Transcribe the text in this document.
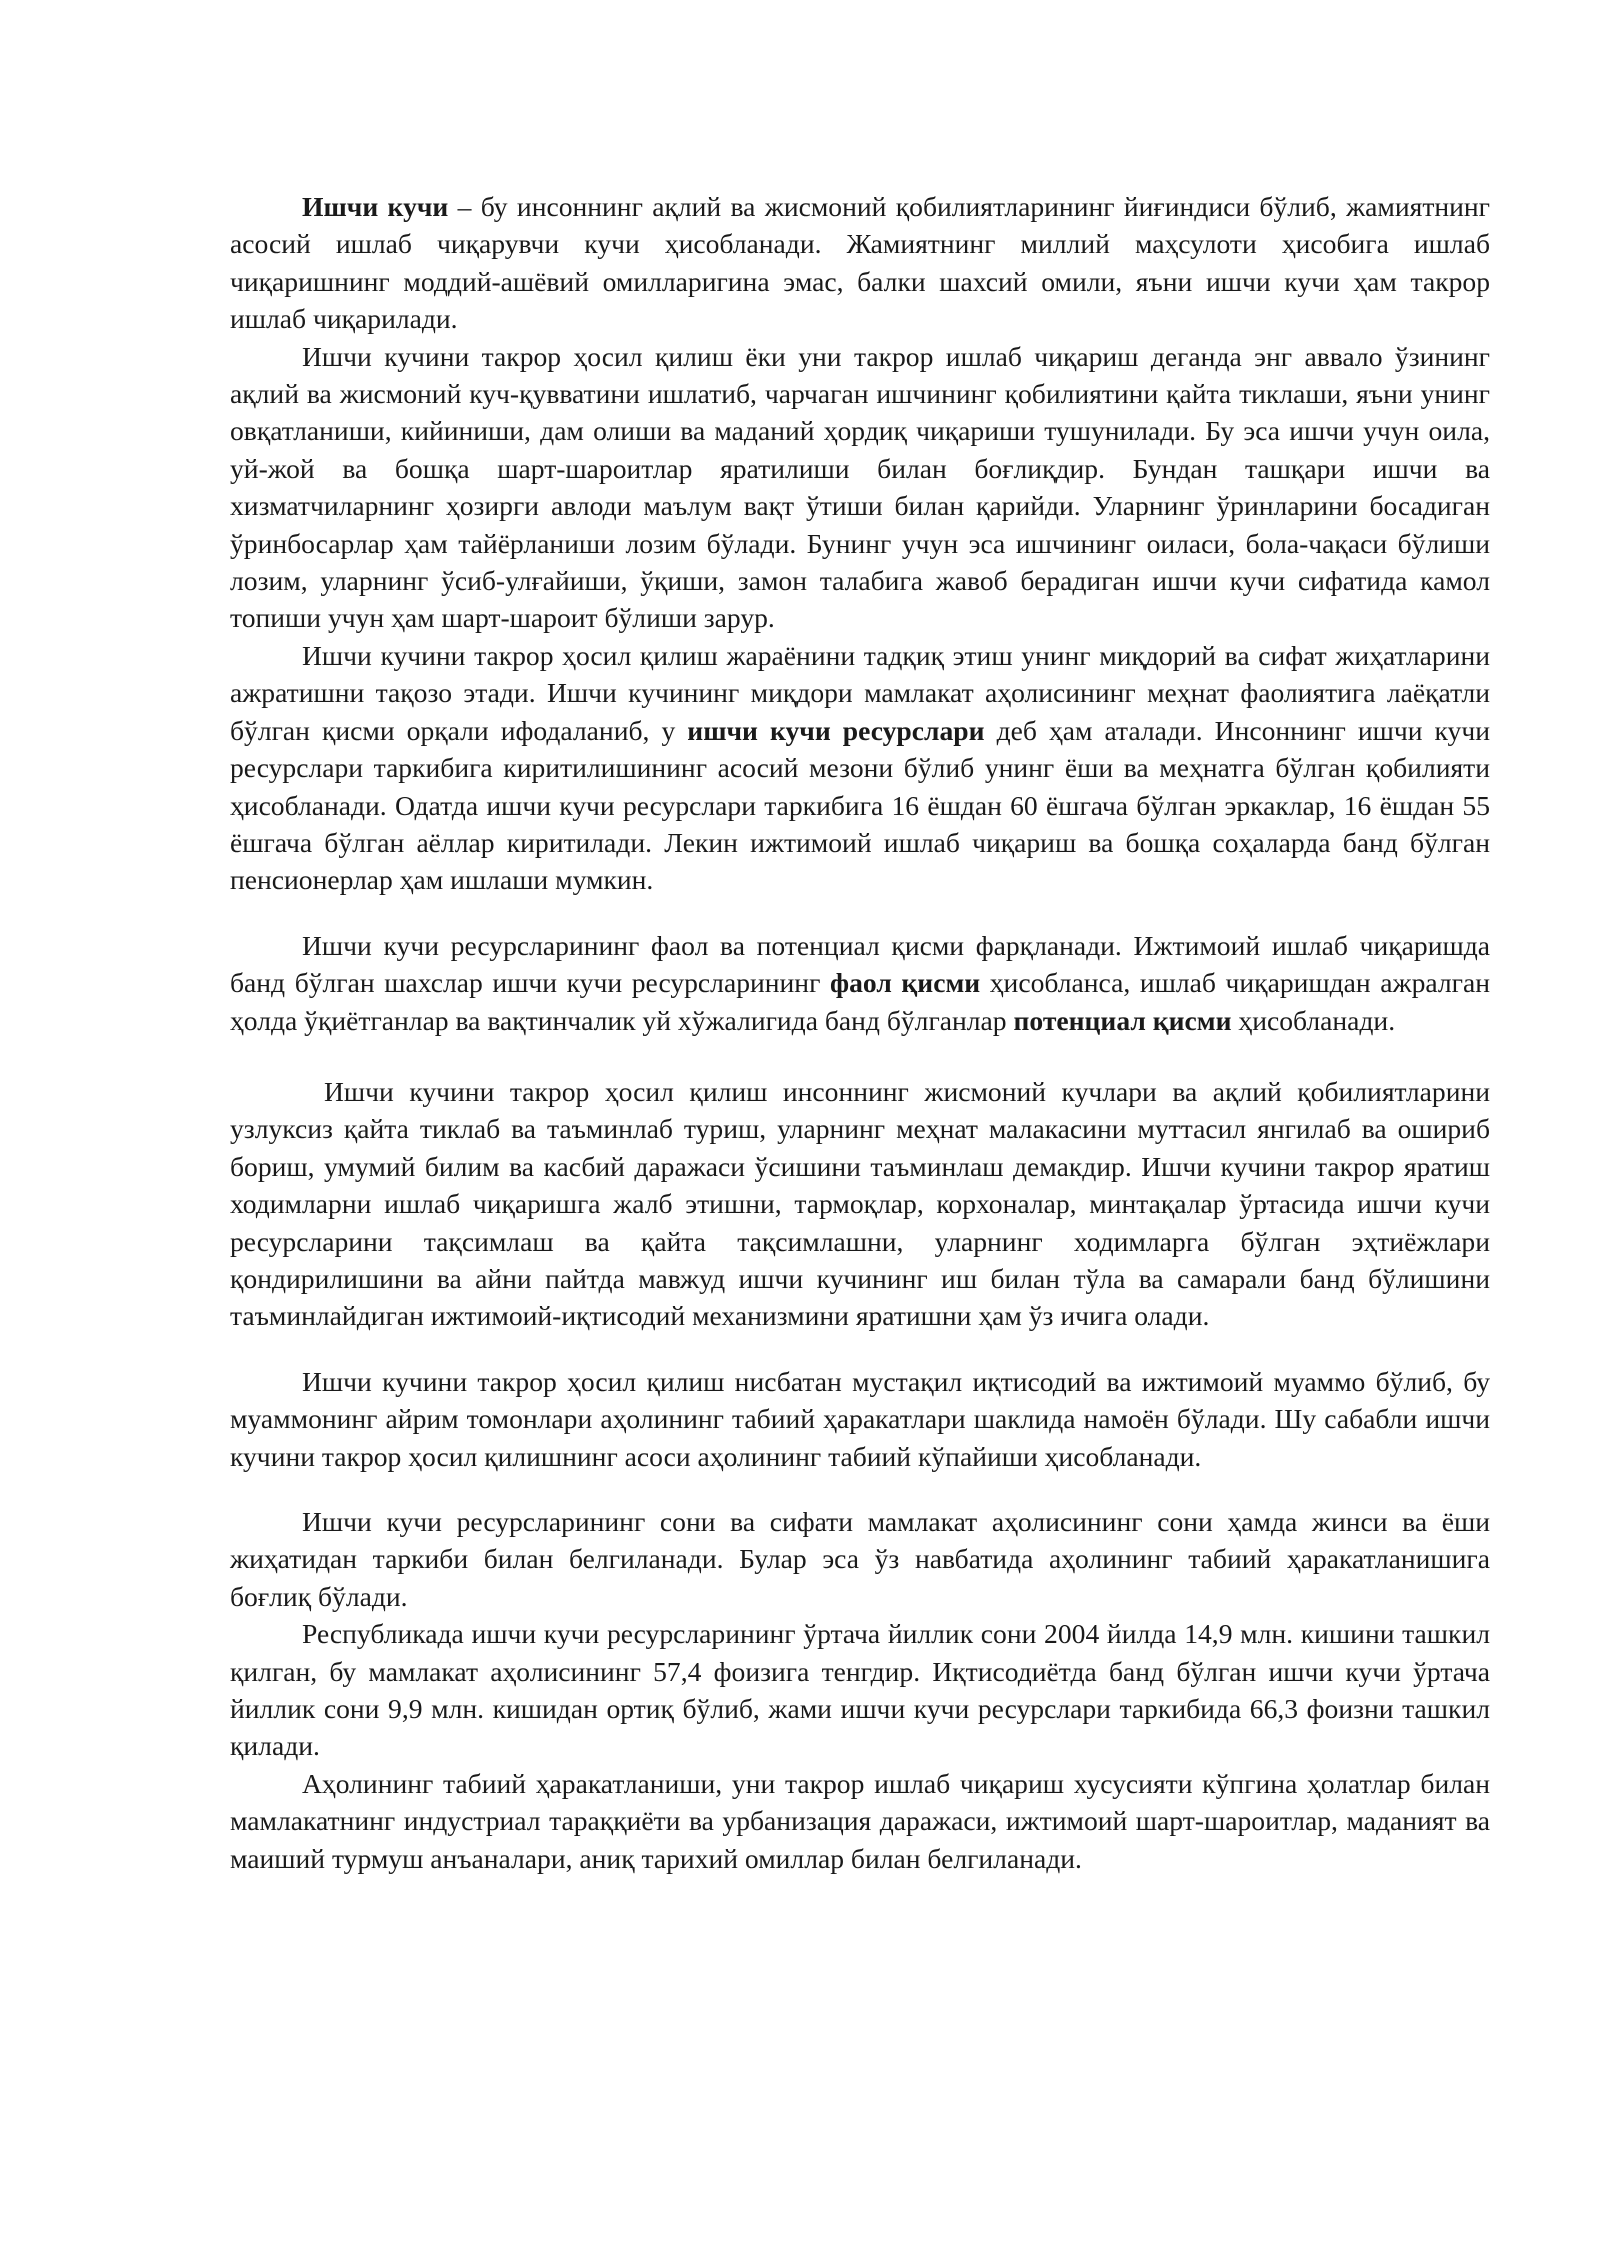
Ишчи кучи – бу инсоннинг ақлий ва жисмоний қобилиятларининг йиғиндиси бўлиб, жамиятнинг асосий ишлаб чиқарувчи кучи ҳисобланади. Жамиятнинг миллий маҳсулоти ҳисобига ишлаб чиқаришнинг моддий-ашёвий омилларигина эмас, балки шахсий омили, яъни ишчи кучи ҳам такрор ишлаб чиқарилади.

Ишчи кучини такрор ҳосил қилиш ёки уни такрор ишлаб чиқариш деганда энг аввало ўзининг ақлий ва жисмоний куч-қувватини ишлатиб, чарчаган ишчининг қобилиятини қайта тиклаши, яъни унинг овқатланиши, кийиниши, дам олиши ва маданий ҳордиқ чиқариши тушунилади. Бу эса ишчи учун оила, уй-жой ва бошқа шарт-шароитлар яратилиши билан боғлиқдир. Бундан ташқари ишчи ва хизматчиларнинг ҳозирги авлоди маълум вақт ўтиши билан қарийди. Уларнинг ўринларини босадиган ўринбосарлар ҳам тайёрланиши лозим бўлади. Бунинг учун эса ишчининг оиласи, бола-чақаси бўлиши лозим, уларнинг ўсиб-улғайиши, ўқиши, замон талабига жавоб берадиган ишчи кучи сифатида камол топиши учун ҳам шарт-шароит бўлиши зарур.

Ишчи кучини такрор ҳосил қилиш жараёнини тадқиқ этиш унинг миқдорий ва сифат жиҳатларини ажратишни тақозо этади. Ишчи кучининг миқдори мамлакат аҳолисининг меҳнат фаолиятига лаёқатли бўлган қисми орқали ифодаланиб, у ишчи кучи ресурслари деб ҳам аталади. Инсоннинг ишчи кучи ресурслари таркибига киритилишининг асосий мезони бўлиб унинг ёши ва меҳнатга бўлган қобилияти ҳисобланади. Одатда ишчи кучи ресурслари таркибига 16 ёшдан 60 ёшгача бўлган эркаклар, 16 ёшдан 55 ёшгача бўлган аёллар киритилади. Лекин ижтимоий ишлаб чиқариш ва бошқа соҳаларда банд бўлган пенсионерлар ҳам ишлаши мумкин.

Ишчи кучи ресурсларининг фаол ва потенциал қисми фарқланади. Ижтимоий ишлаб чиқаришда банд бўлган шахслар ишчи кучи ресурсларининг фаол қисми ҳисобланса, ишлаб чиқаришдан ажралган ҳолда ўқиётганлар ва вақтинчалик уй хўжалигида банд бўлганлар потенциал қисми ҳисобланади.

Ишчи кучини такрор ҳосил қилиш инсоннинг жисмоний кучлари ва ақлий қобилиятларини узлуксиз қайта тиклаб ва таъминлаб туриш, уларнинг меҳнат малакасини муттасил янгилаб ва ошириб бориш, умумий билим ва касбий даражаси ўсишини таъминлаш демакдир. Ишчи кучини такрор яратиш ходимларни ишлаб чиқаришга жалб этишни, тармоқлар, корхоналар, минтақалар ўртасида ишчи кучи ресурсларини тақсимлаш ва қайта тақсимлашни, уларнинг ходимларга бўлган эҳтиёжлари қондирилишини ва айни пайтда мавжуд ишчи кучининг иш билан тўла ва самарали банд бўлишини таъминлайдиган ижтимоий-иқтисодий механизмини яратишни ҳам ўз ичига олади.

Ишчи кучини такрор ҳосил қилиш нисбатан мустақил иқтисодий ва ижтимоий муаммо бўлиб, бу муаммонинг айрим томонлари аҳолининг табиий ҳаракатлари шаклида намоён бўлади. Шу сабабли ишчи кучини такрор ҳосил қилишнинг асоси аҳолининг табиий кўпайиши ҳисобланади.

Ишчи кучи ресурсларининг сони ва сифати мамлакат аҳолисининг сони ҳамда жинси ва ёши жиҳатидан таркиби билан белгиланади. Булар эса ўз навбатида аҳолининг табиий ҳаракатланишига боғлиқ бўлади.

Республикада ишчи кучи ресурсларининг ўртача йиллик сони 2004 йилда 14,9 млн. кишини ташкил қилган, бу мамлакат аҳолисининг 57,4 фоизига тенгдир. Иқтисодиётда банд бўлган ишчи кучи ўртача йиллик сони 9,9 млн. кишидан ортиқ бўлиб, жами ишчи кучи ресурслари таркибида 66,3 фоизни ташкил қилади.

Аҳолининг табиий ҳаракатланиши, уни такрор ишлаб чиқариш хусусияти кўпгина ҳолатлар билан мамлакатнинг индустриал тараққиёти ва урбанизация даражаси, ижтимоий шарт-шароитлар, маданият ва маиший турмуш анъаналари, аниқ тарихий омиллар билан белгиланади.
